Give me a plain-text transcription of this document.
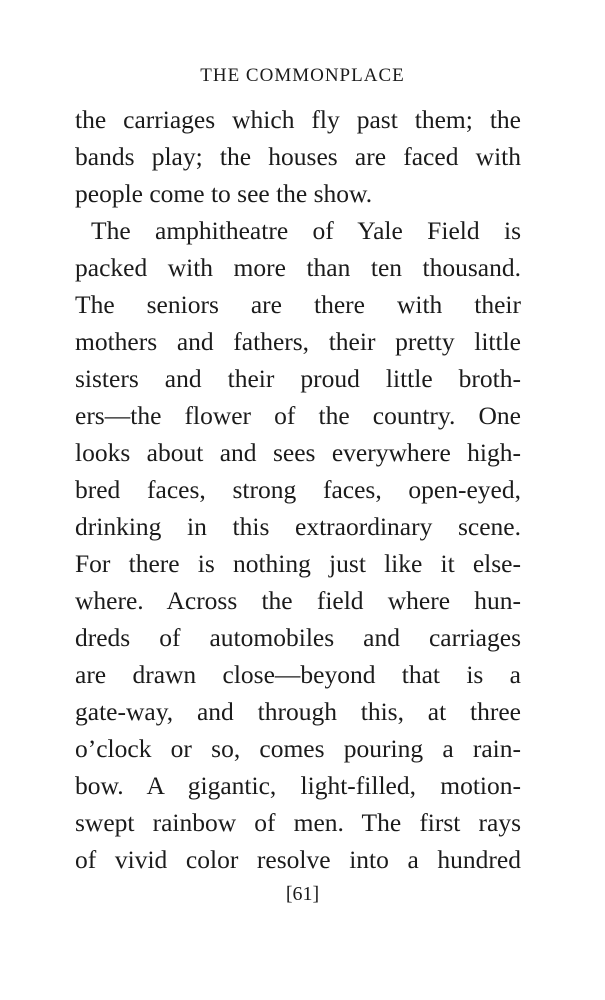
THE COMMONPLACE
the carriages which fly past them; the
bands play; the houses are faced with
people come to see the show.
The amphitheatre of Yale Field is
packed with more than ten thousand.
The seniors are there with their
mothers and fathers, their pretty little
sisters and their proud little broth-
ers—the flower of the country. One
looks about and sees everywhere high-
bred faces, strong faces, open-eyed,
drinking in this extraordinary scene.
For there is nothing just like it else-
where. Across the field where hun-
dreds of automobiles and carriages
are drawn close—beyond that is a
gate-way, and through this, at three
o’clock or so, comes pouring a rain-
bow. A gigantic, light-filled, motion-
swept rainbow of men. The first rays
of vivid color resolve into a hundred
[61]
